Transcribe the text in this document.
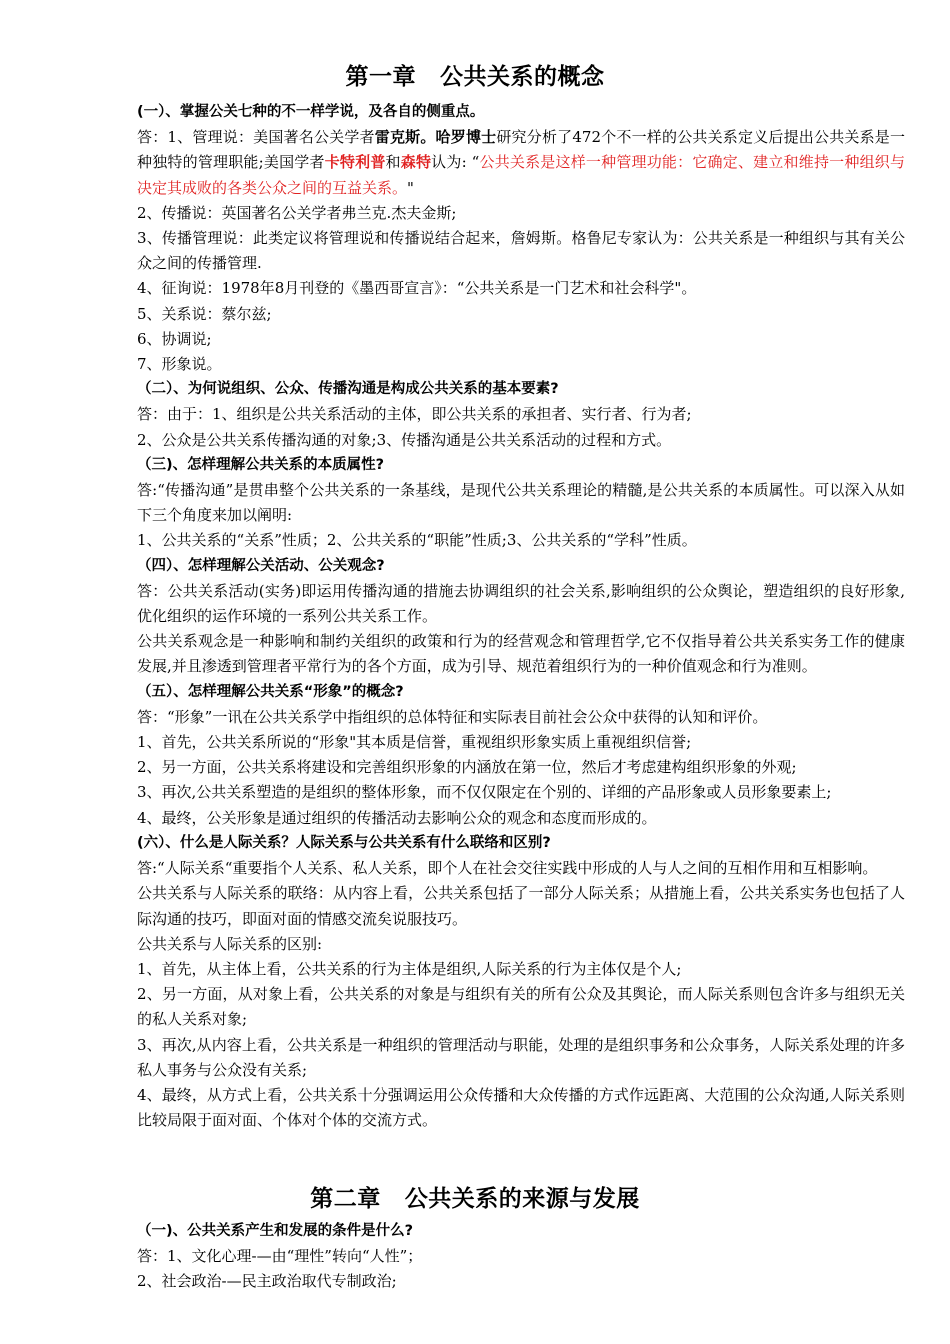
第一章 公共关系的概念

(一）、掌握公关七种的不一样学说，及各自的侧重点。

答：1、管理说：美国著名公关学者雷克斯。哈罗博士研究分析了472个不一样的公共关系定义后提出公共关系是一种独特的管理职能;美国学者卡特利普和森特认为: “公共关系是这样一种管理功能：它确定、建立和维持一种组织与决定其成败的各类公众之间的互益关系。"

2、传播说：英国著名公关学者弗兰克.杰夫金斯;

3、传播管理说：此类定议将管理说和传播说结合起来，詹姆斯。格鲁尼专家认为：公共关系是一种组织与其有关公众之间的传播管理.

4、征询说：1978年8月刊登的《墨西哥宣言》：“公共关系是一门艺术和社会科学"。

5、关系说：蔡尔兹;

6、协调说;

7、形象说。

（二）、为何说组织、公众、传播沟通是构成公共关系的基本要素?

答：由于：1、组织是公共关系活动的主体，即公共关系的承担者、实行者、行为者;

2、公众是公共关系传播沟通的对象;3、传播沟通是公共关系活动的过程和方式。

（三)、怎样理解公共关系的本质属性?

答:“传播沟通”是贯串整个公共关系的一条基线，是现代公共关系理论的精髓,是公共关系的本质属性。可以深入从如下三个角度来加以阐明:

1、公共关系的“关系”性质；2、公共关系的“职能”性质;3、公共关系的“学科”性质。

（四）、怎样理解公关活动、公关观念?

答：公共关系活动(实务)即运用传播沟通的措施去协调组织的社会关系,影响组织的公众舆论，塑造组织的良好形象,优化组织的运作环境的一系列公共关系工作。

公共关系观念是一种影响和制约关组织的政策和行为的经营观念和管理哲学,它不仅指导着公共关系实务工作的健康发展,并且渗透到管理者平常行为的各个方面，成为引导、规范着组织行为的一种价值观念和行为准则。

（五）、怎样理解公共关系“形象”的概念?

答：“形象”一讯在公共关系学中指组织的总体特征和实际表目前社会公众中获得的认知和评价。

1、首先，公共关系所说的“形象"其本质是信誉，重视组织形象实质上重视组织信誉;

2、另一方面，公共关系将建设和完善组织形象的内涵放在第一位，然后才考虑建构组织形象的外观;

3、再次,公共关系塑造的是组织的整体形象，而不仅仅限定在个别的、详细的产品形象或人员形象要素上;

4、最终，公关形象是通过组织的传播活动去影响公众的观念和态度而形成的。

(六）、什么是人际关系？人际关系与公共关系有什么联络和区别?

答:“人际关系“重要指个人关系、私人关系，即个人在社会交往实践中形成的人与人之间的互相作用和互相影响。

公共关系与人际关系的联络：从内容上看，公共关系包括了一部分人际关系；从措施上看，公共关系实务也包括了人际沟通的技巧，即面对面的情感交流矣说服技巧。

公共关系与人际关系的区别:

1、首先，从主体上看，公共关系的行为主体是组织,人际关系的行为主体仅是个人;

2、另一方面，从对象上看，公共关系的对象是与组织有关的所有公众及其舆论，而人际关系则包含许多与组织无关的私人关系对象;

3、再次,从内容上看，公共关系是一种组织的管理活动与职能，处理的是组织事务和公众事务，人际关系处理的许多私人事务与公众没有关系;

4、最终，从方式上看，公共关系十分强调运用公众传播和大众传播的方式作远距离、大范围的公众沟通,人际关系则比较局限于面对面、个体对个体的交流方式。

第二章 公共关系的来源与发展

（一)、公共关系产生和发展的条件是什么?

答：1、文化心理-—由“理性”转向“人性”；

2、社会政治-—民主政治取代专制政治;
